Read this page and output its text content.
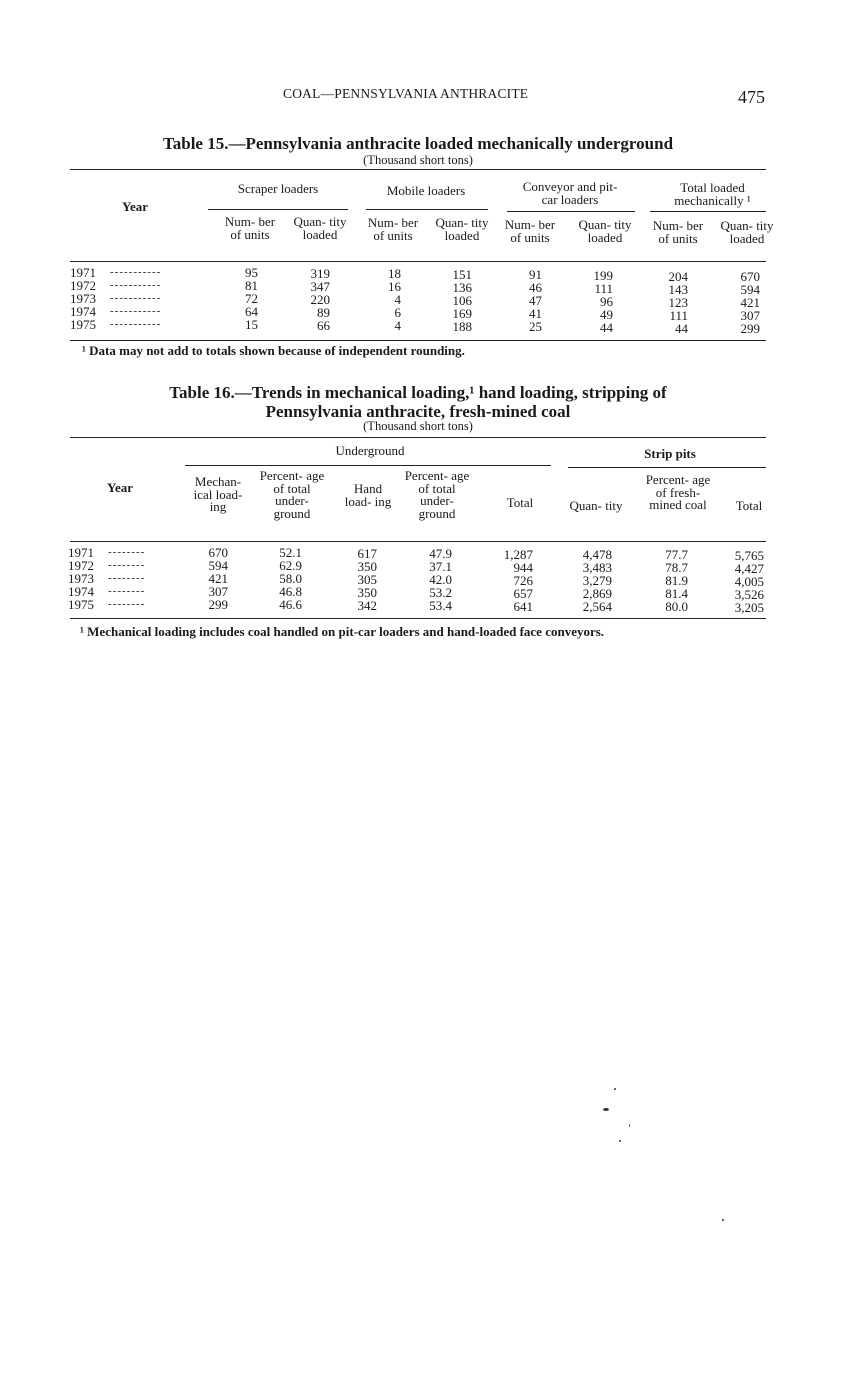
COAL—PENNSYLVANIA ANTHRACITE	475
Table 15.—Pennsylvania anthracite loaded mechanically underground
(Thousand short tons)
Year
Scraper loaders	Mobile loaders	Conveyor and pit-car loaders
Total loaded mechanically ¹
Num- ber of units
Quan- tity loaded
Num- ber of units
Quan- tity loaded
Num- ber of units
Quan- tity loaded
Num- ber of units
Quan- tity loaded
1971 -----------	95	319	18	151	91	199	204	670
1972 -----------	81	347	16	136	46	111	143	594
1973 -----------	72	220	4	106	47	96	123	421
1974 -----------	64	89	6	169	41	49	111	307
1975 -----------	15	66	4	188	25	44	44	299
¹ Data may not add to totals shown because of independent rounding.
Table 16.—Trends in mechanical loading,¹ hand loading, stripping of
Pennsylvania anthracite, fresh-mined coal
(Thousand short tons)
Year
Underground	Strip pits
Mechan- ical load- ing
Percent- age of total under- ground
Hand load- ing
Percent- age of total under- ground
Total	Quan- tity
Percent- age of fresh- mined coal	Total
1971 --------	670	52.1	617	47.9	1,287	4,478	77.7	5,765
1972 --------	594	62.9	350	37.1	944	3,483	78.7	4,427
1973 --------	421	58.0	305	42.0	726	3,279	81.9	4,005
1974 --------	307	46.8	350	53.2	657	2,869	81.4	3,526
1975 --------	299	46.6	342	53.4	641	2,564	80.0	3,205
¹ Mechanical loading includes coal handled on pit-car loaders and hand-loaded face conveyors.
